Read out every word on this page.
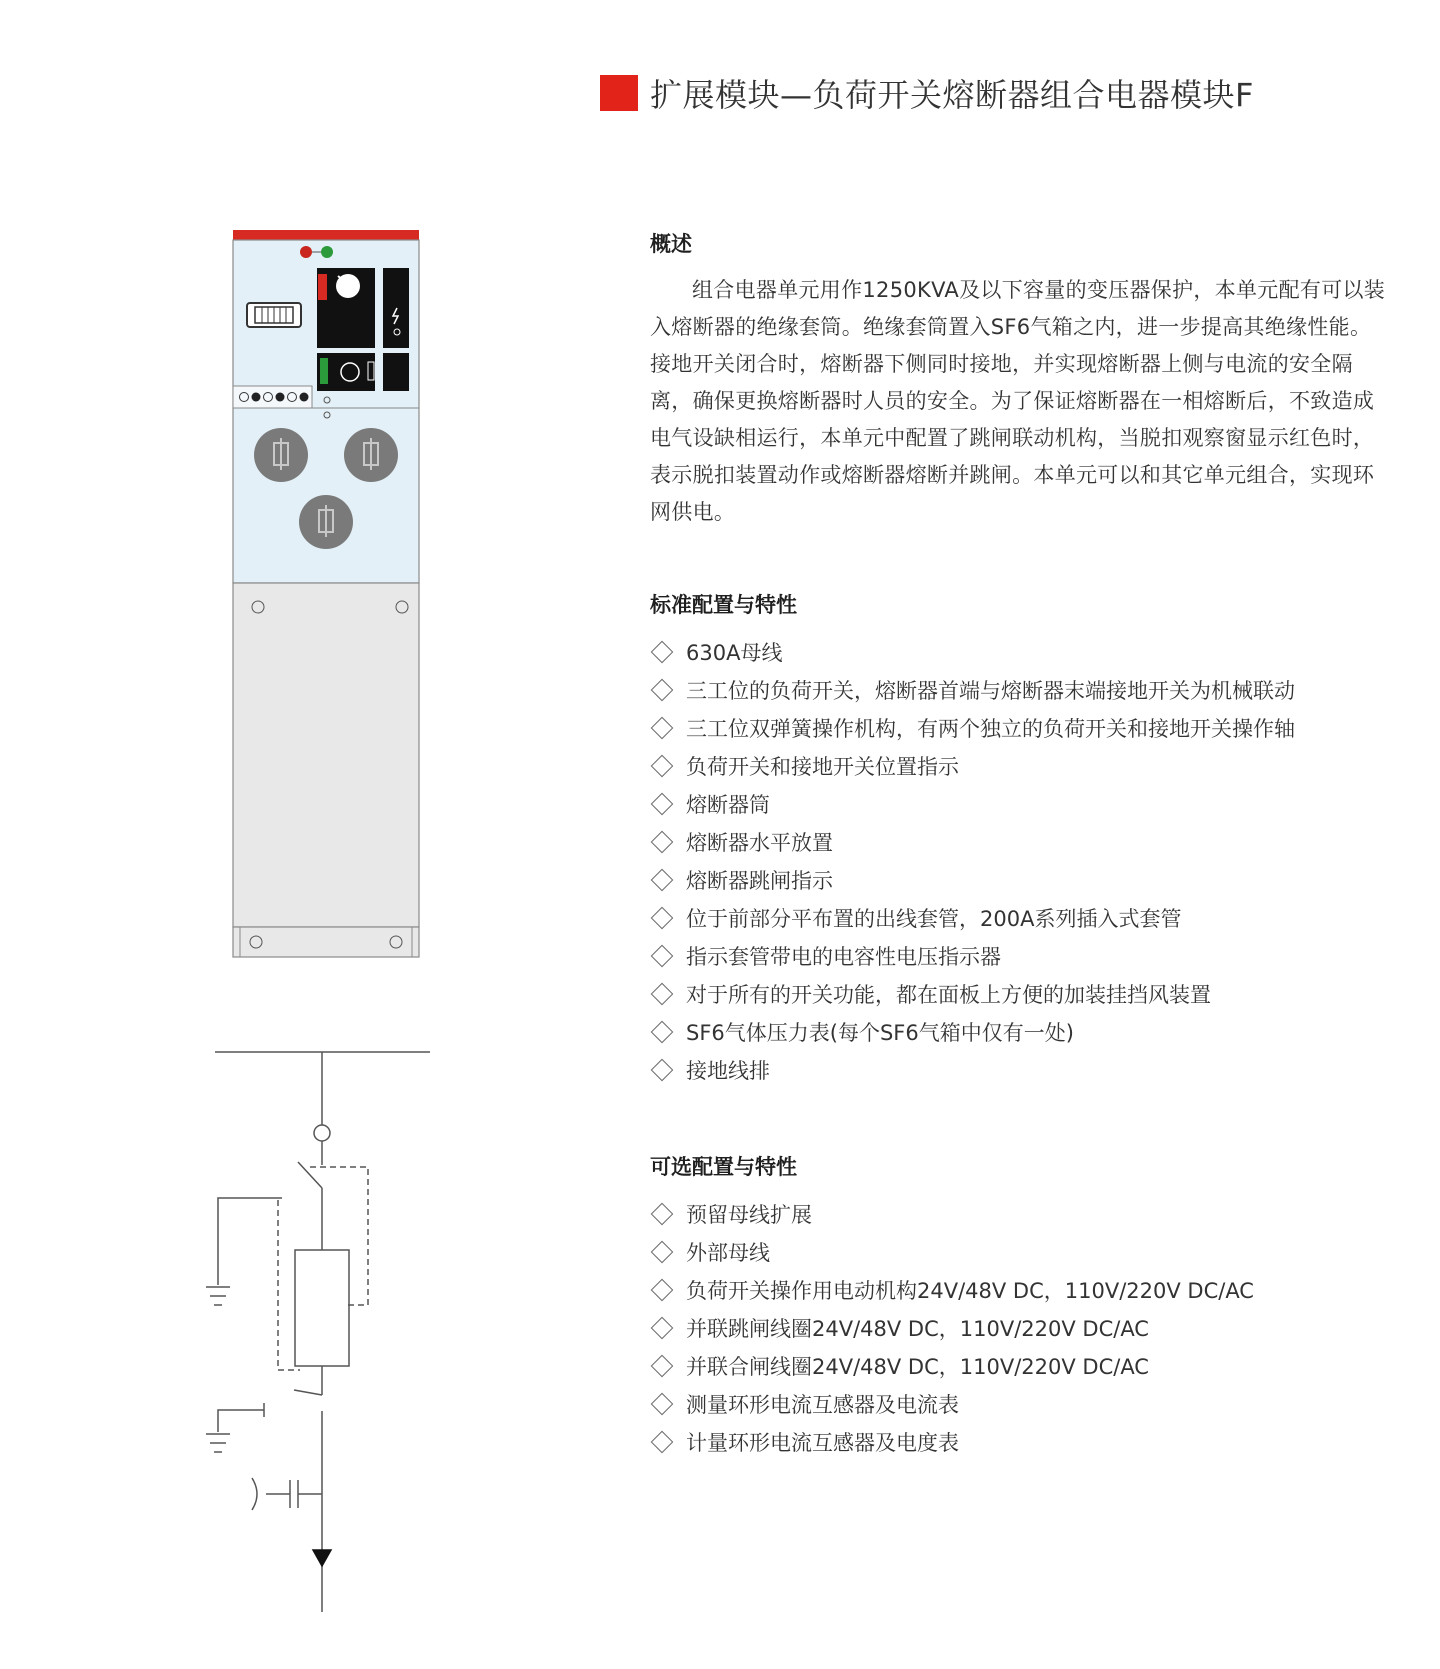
扩展模块—负荷开关熔断器组合电器模块F
概述

组合电器单元用作1250KVA及以下容量的变压器保护，本单元配有可以装入熔断器的绝缘套筒。绝缘套筒置入SF6气箱之内，进一步提高其绝缘性能。接地开关闭合时，熔断器下侧同时接地，并实现熔断器上侧与电流的安全隔离，确保更换熔断器时人员的安全。为了保证熔断器在一相熔断后，不致造成电气设缺相运行，本单元中配置了跳闸联动机构，当脱扣观察窗显示红色时，表示脱扣装置动作或熔断器熔断并跳闸。本单元可以和其它单元组合，实现环网供电。

标准配置与特性
630A母线
三工位的负荷开关，熔断器首端与熔断器末端接地开关为机械联动
三工位双弹簧操作机构，有两个独立的负荷开关和接地开关操作轴
负荷开关和接地开关位置指示
熔断器筒
熔断器水平放置
熔断器跳闸指示
位于前部分平布置的出线套管，200A系列插入式套管
指示套管带电的电容性电压指示器
对于所有的开关功能，都在面板上方便的加装挂挡风装置
SF6气体压力表(每个SF6气箱中仅有一处)
接地线排
可选配置与特性
预留母线扩展
外部母线
负荷开关操作用电动机构24V/48V DC，110V/220V DC/AC
并联跳闸线圈24V/48V DC，110V/220V DC/AC
并联合闸线圈24V/48V DC，110V/220V DC/AC
测量环形电流互感器及电流表
计量环形电流互感器及电度表
